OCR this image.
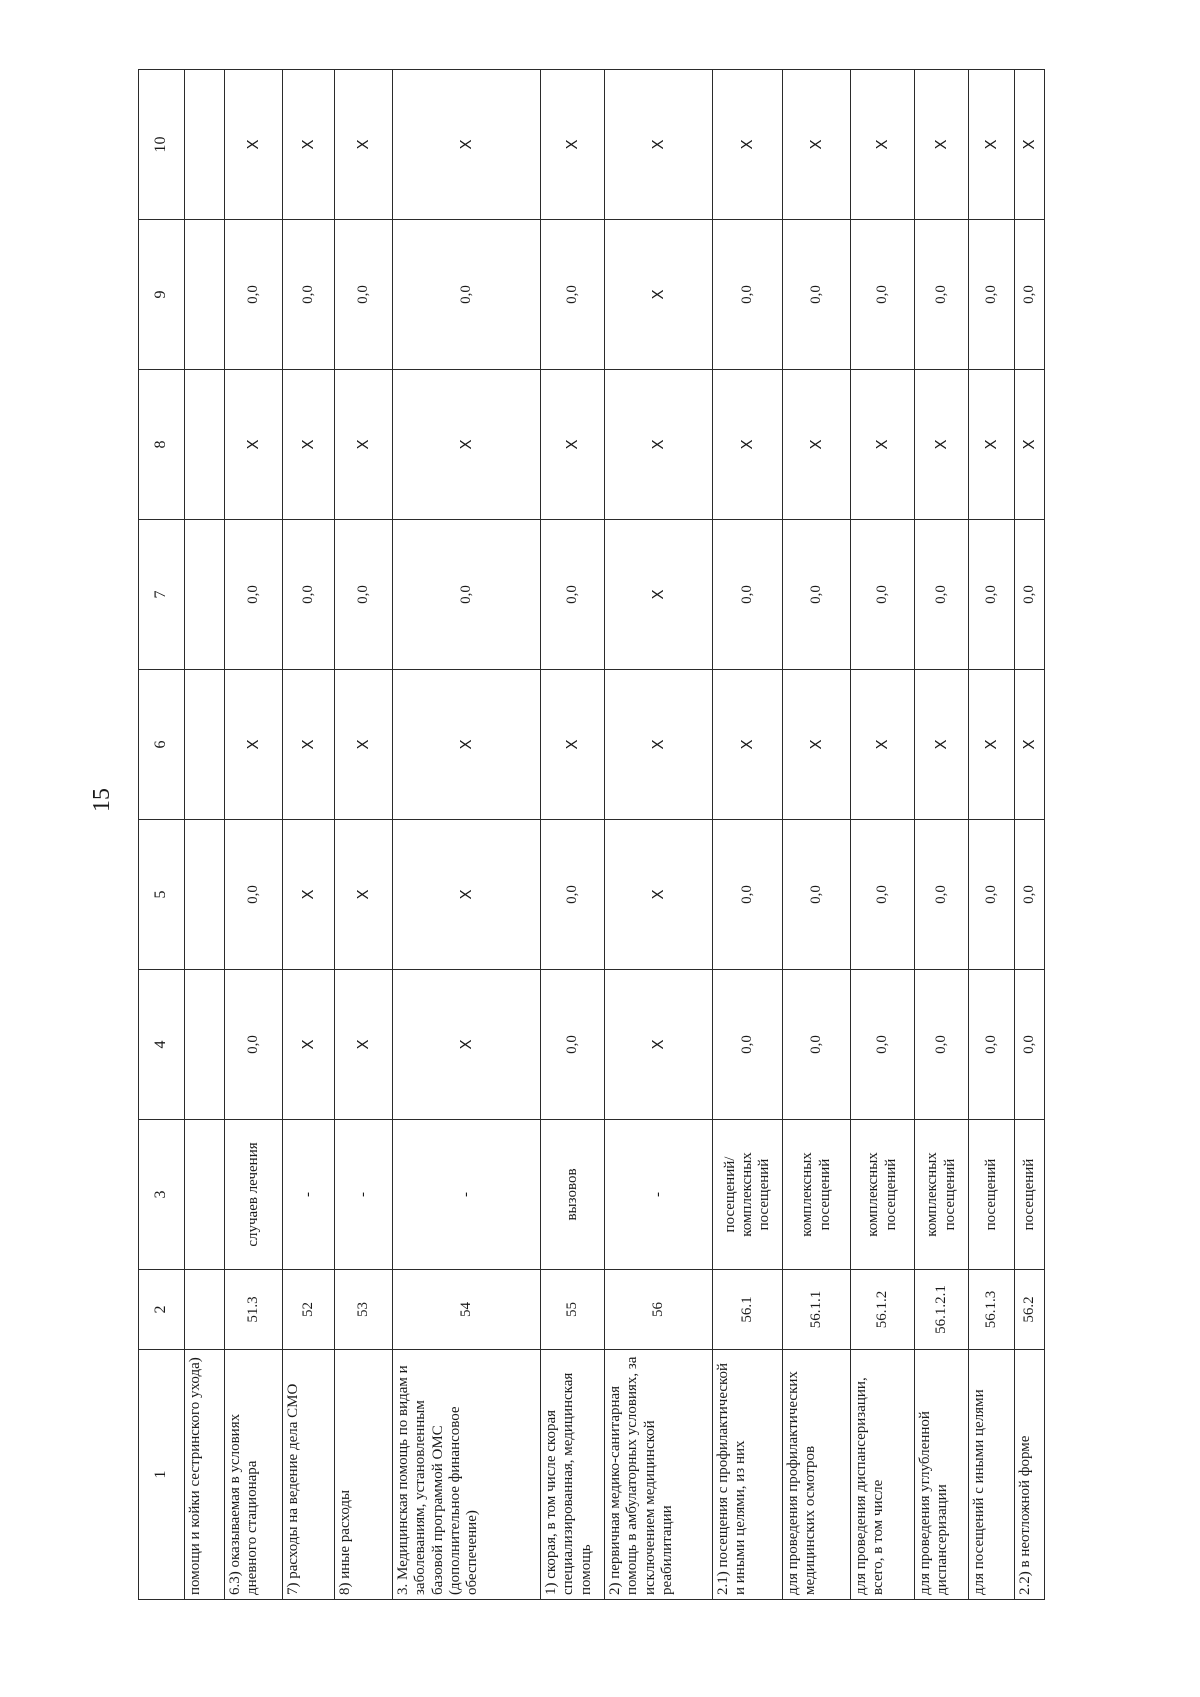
15
1	2	3	4	5	6	7	8	9	10
помощи и койки сестринского ухода)									
6.3) оказываемая в условиях дневного стационара	51.3	случаев лечения	0,0	0,0	X	0,0	X	0,0	X
7) расходы на ведение дела СМО	52	-	X	X	X	0,0	X	0,0	X
8) иные расходы	53	-	X	X	X	0,0	X	0,0	X
3. Медицинская помощь по видам и заболеваниям, установленным базовой программой ОМС (дополнительное финансовое обеспечение)	54	-	X	X	X	0,0	X	0,0	X
1) скорая, в том числе скорая специализированная, медицинская помощь	55	вызовов	0,0	0,0	X	0,0	X	0,0	X
2) первичная медико-санитарная помощь в амбулаторных условиях, за исключением медицинской реабилитации	56	-	X	X	X	X	X	X	X
2.1) посещения с профилактической и иными целями, из них	56.1	посещений/ комплексных посещений	0,0	0,0	X	0,0	X	0,0	X
для проведения профилактических медицинских осмотров	56.1.1	комплексных посещений	0,0	0,0	X	0,0	X	0,0	X
для проведения диспансеризации, всего, в том числе	56.1.2	комплексных посещений	0,0	0,0	X	0,0	X	0,0	X
для проведения углубленной диспансеризации	56.1.2.1	комплексных посещений	0,0	0,0	X	0,0	X	0,0	X
для посещений с иными целями	56.1.3	посещений	0,0	0,0	X	0,0	X	0,0	X
2.2) в неотложной форме	56.2	посещений	0,0	0,0	X	0,0	X	0,0	X
